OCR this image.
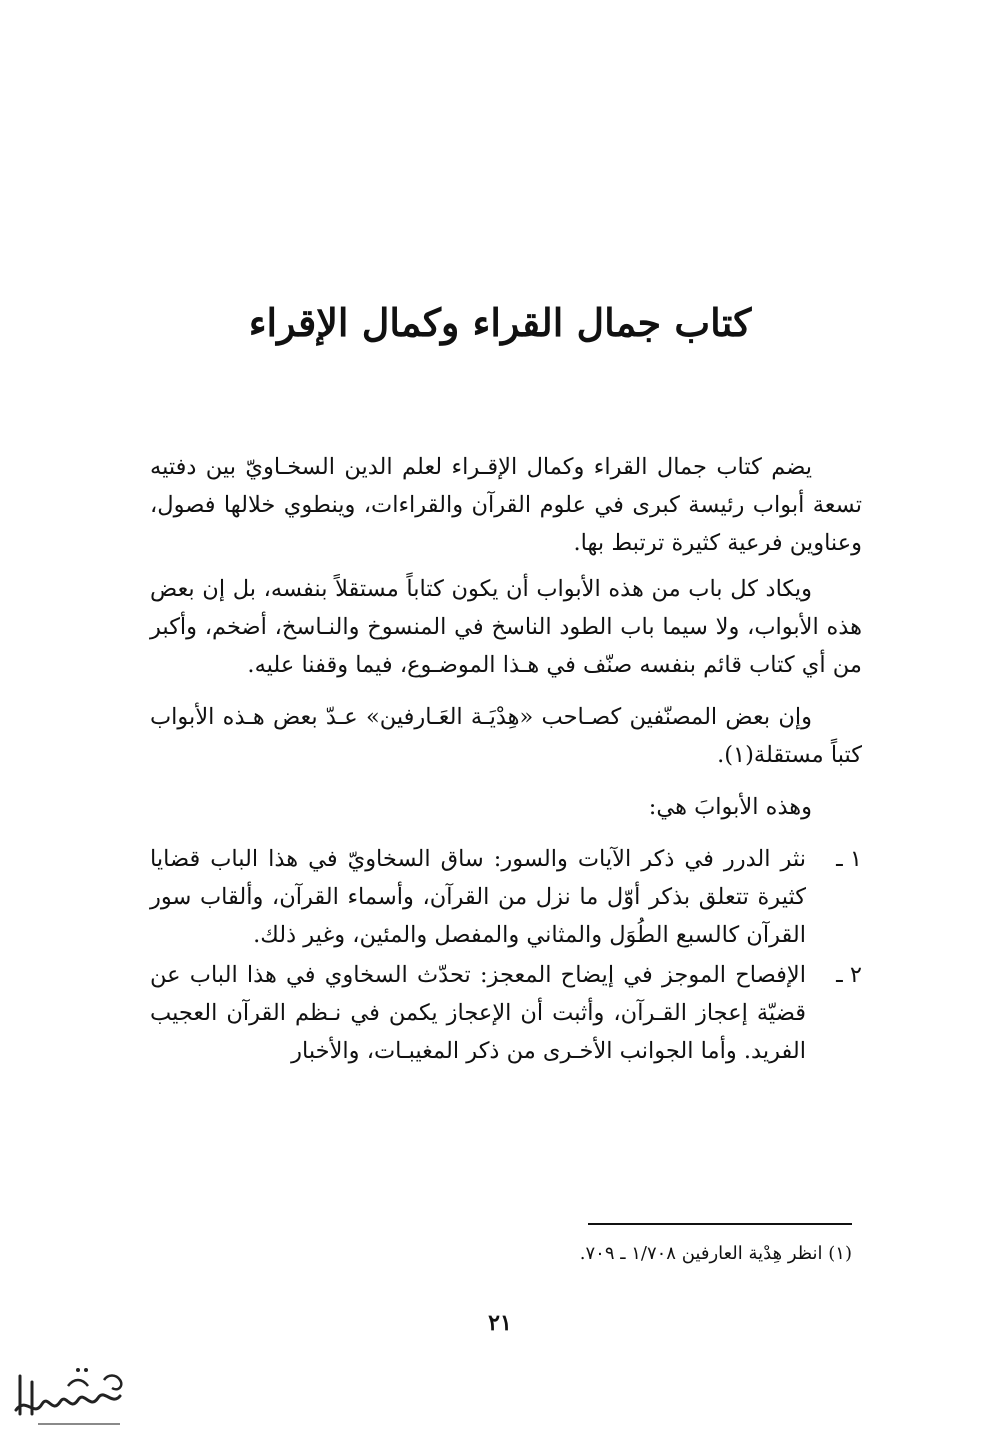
كتاب جمال القراء وكمال الإقراء

يضم كتاب جمال القراء وكمال الإقـراء لعلم الدين السخـاويّ بين دفتيه تسعة أبواب رئيسة كبرى في علوم القرآن والقراءات، وينطوي خلالها فصول، وعناوين فرعية كثيرة ترتبط بها.

ويكاد كل باب من هذه الأبواب أن يكون كتاباً مستقلاً بنفسه، بل إن بعض هذه الأبواب، ولا سيما باب الطود الناسخ في المنسوخ والنـاسخ، أضخم، وأكبر من أي كتاب قائم بنفسه صنّف في هـذا الموضـوع، فيما وقفنا عليه.

وإن بعض المصنّفين كصـاحب «هِدْيَـة العَـارفين» عـدّ بعض هـذه الأبواب كتباً مستقلة(١).

وهذه الأبوابَ هي:

١ ـ
نثر الدرر في ذكر الآيات والسور: ساق السخاويّ في هذا الباب قضايا كثيرة تتعلق بذكر أوّل ما نزل من القرآن، وأسماء القرآن، وألقاب سور القرآن كالسبع الطُوَل والمثاني والمفصل والمئين، وغير ذلك.
٢ ـ
الإفصاح الموجز في إيضاح المعجز: تحدّث السخاوي في هذا الباب عن قضيّة إعجاز القـرآن، وأثبت أن الإعجاز يكمن في نـظم القرآن العجيب الفريد. وأما الجوانب الأخـرى من ذكر المغيبـات، والأخبار
(١) انظر هِدْية العارفين ١/٧٠٨ ـ ٧٠٩.
٢١
